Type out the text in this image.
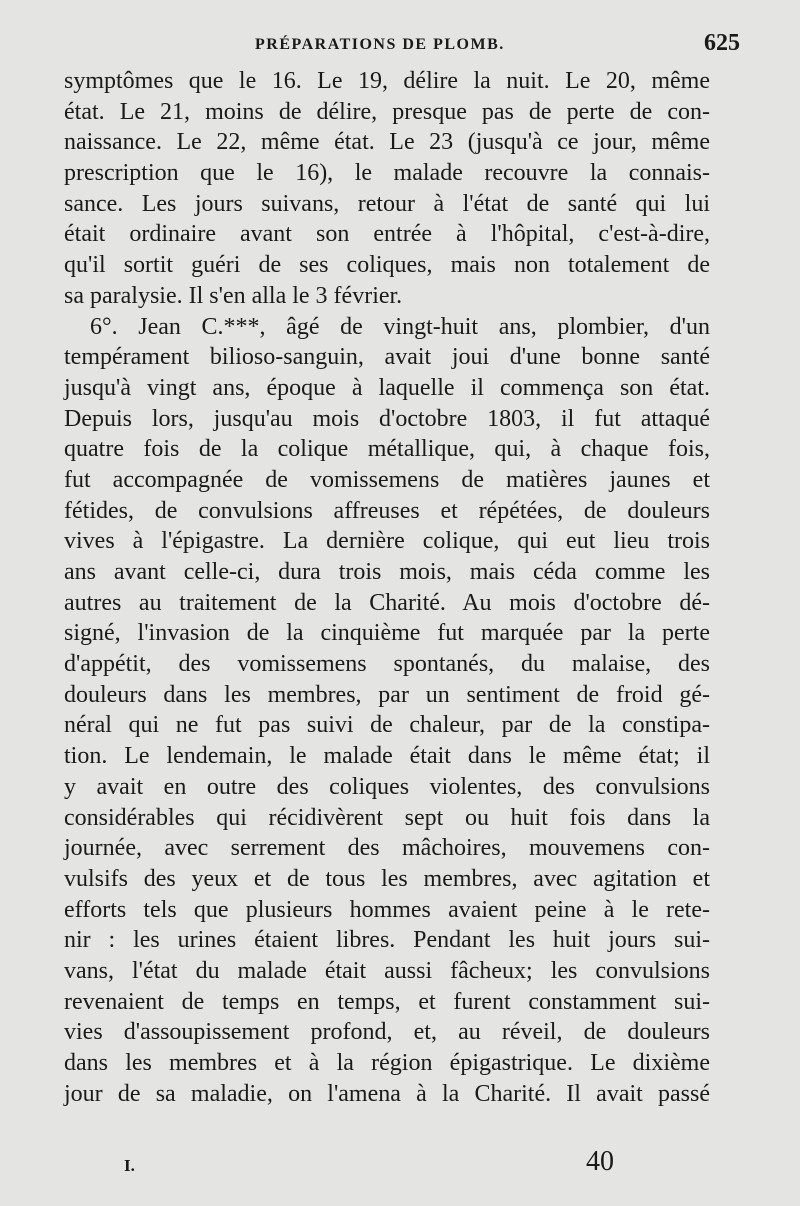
PRÉPARATIONS DE PLOMB.	625
symptômes que le 16. Le 19, délire la nuit. Le 20, même
état. Le 21, moins de délire, presque pas de perte de con-
naissance. Le 22, même état. Le 23 (jusqu'à ce jour, même
prescription que le 16), le malade recouvre la connais-
sance. Les jours suivans, retour à l'état de santé qui lui
était ordinaire avant son entrée à l'hôpital, c'est-à-dire,
qu'il sortit guéri de ses coliques, mais non totalement de
sa paralysie. Il s'en alla le 3 février.
6°. Jean C.***, âgé de vingt-huit ans, plombier, d'un
tempérament bilioso-sanguin, avait joui d'une bonne santé
jusqu'à vingt ans, époque à laquelle il commença son état.
Depuis lors, jusqu'au mois d'octobre 1803, il fut attaqué
quatre fois de la colique métallique, qui, à chaque fois,
fut accompagnée de vomissemens de matières jaunes et
fétides, de convulsions affreuses et répétées, de douleurs
vives à l'épigastre. La dernière colique, qui eut lieu trois
ans avant celle-ci, dura trois mois, mais céda comme les
autres au traitement de la Charité. Au mois d'octobre dé-
signé, l'invasion de la cinquième fut marquée par la perte
d'appétit, des vomissemens spontanés, du malaise, des
douleurs dans les membres, par un sentiment de froid gé-
néral qui ne fut pas suivi de chaleur, par de la constipa-
tion. Le lendemain, le malade était dans le même état; il
y avait en outre des coliques violentes, des convulsions
considérables qui récidivèrent sept ou huit fois dans la
journée, avec serrement des mâchoires, mouvemens con-
vulsifs des yeux et de tous les membres, avec agitation et
efforts tels que plusieurs hommes avaient peine à le rete-
nir : les urines étaient libres. Pendant les huit jours sui-
vans, l'état du malade était aussi fâcheux; les convulsions
revenaient de temps en temps, et furent constamment sui-
vies d'assoupissement profond, et, au réveil, de douleurs
dans les membres et à la région épigastrique. Le dixième
jour de sa maladie, on l'amena à la Charité. Il avait passé
I.	40
